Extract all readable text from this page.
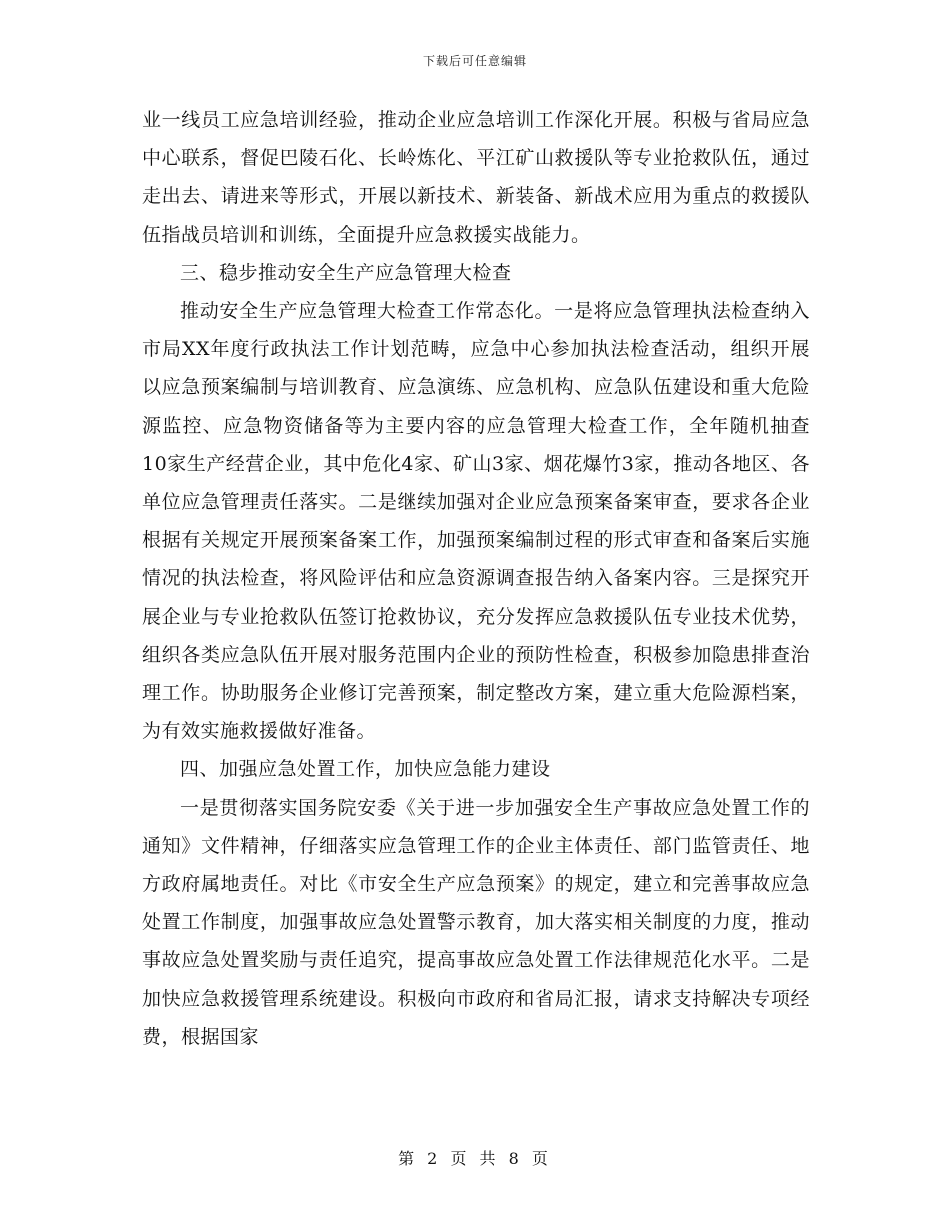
下载后可任意编辑

业一线员工应急培训经验，推动企业应急培训工作深化开展。积极与省局应急中心联系，督促巴陵石化、长岭炼化、平江矿山救援队等专业抢救队伍，通过走出去、请进来等形式，开展以新技术、新装备、新战术应用为重点的救援队伍指战员培训和训练，全面提升应急救援实战能力。

三、稳步推动安全生产应急管理大检查

推动安全生产应急管理大检查工作常态化。一是将应急管理执法检查纳入市局XX年度行政执法工作计划范畴，应急中心参加执法检查活动，组织开展以应急预案编制与培训教育、应急演练、应急机构、应急队伍建设和重大危险源监控、应急物资储备等为主要内容的应急管理大检查工作，全年随机抽查10家生产经营企业，其中危化4家、矿山3家、烟花爆竹3家，推动各地区、各单位应急管理责任落实。二是继续加强对企业应急预案备案审查，要求各企业根据有关规定开展预案备案工作，加强预案编制过程的形式审查和备案后实施情况的执法检查，将风险评估和应急资源调查报告纳入备案内容。三是探究开展企业与专业抢救队伍签订抢救协议，充分发挥应急救援队伍专业技术优势，组织各类应急队伍开展对服务范围内企业的预防性检查，积极参加隐患排查治理工作。协助服务企业修订完善预案，制定整改方案，建立重大危险源档案，为有效实施救援做好准备。

四、加强应急处置工作，加快应急能力建设

一是贯彻落实国务院安委《关于进一步加强安全生产事故应急处置工作的通知》文件精神，仔细落实应急管理工作的企业主体责任、部门监管责任、地方政府属地责任。对比《市安全生产应急预案》的规定，建立和完善事故应急处置工作制度，加强事故应急处置警示教育，加大落实相关制度的力度，推动事故应急处置奖励与责任追究，提高事故应急处置工作法律规范化水平。二是加快应急救援管理系统建设。积极向市政府和省局汇报，请求支持解决专项经费，根据国家

第 2 页 共 8 页
